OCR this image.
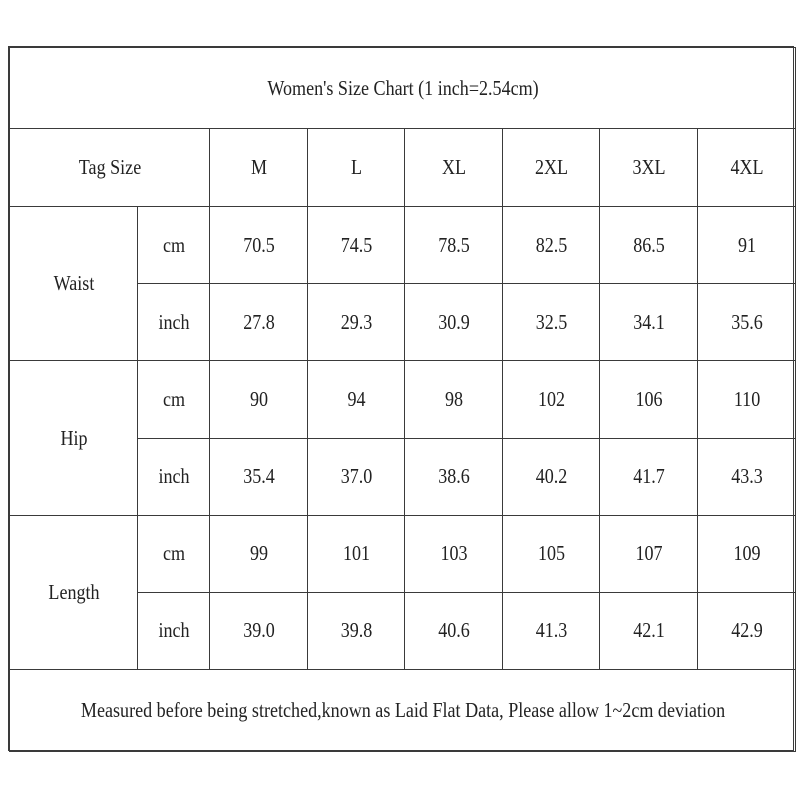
Women's Size Chart (1 inch=2.54cm)							
Tag Size		M	L	XL	2XL	3XL	4XL
Waist	cm	70.5	74.5	78.5	82.5	86.5	91
	inch	27.8	29.3	30.9	32.5	34.1	35.6
Hip	cm	90	94	98	102	106	110
	inch	35.4	37.0	38.6	40.2	41.7	43.3
Length	cm	99	101	103	105	107	109
	inch	39.0	39.8	40.6	41.3	42.1	42.9
Measured before being stretched,known as Laid Flat Data, Please allow 1~2cm deviation							
